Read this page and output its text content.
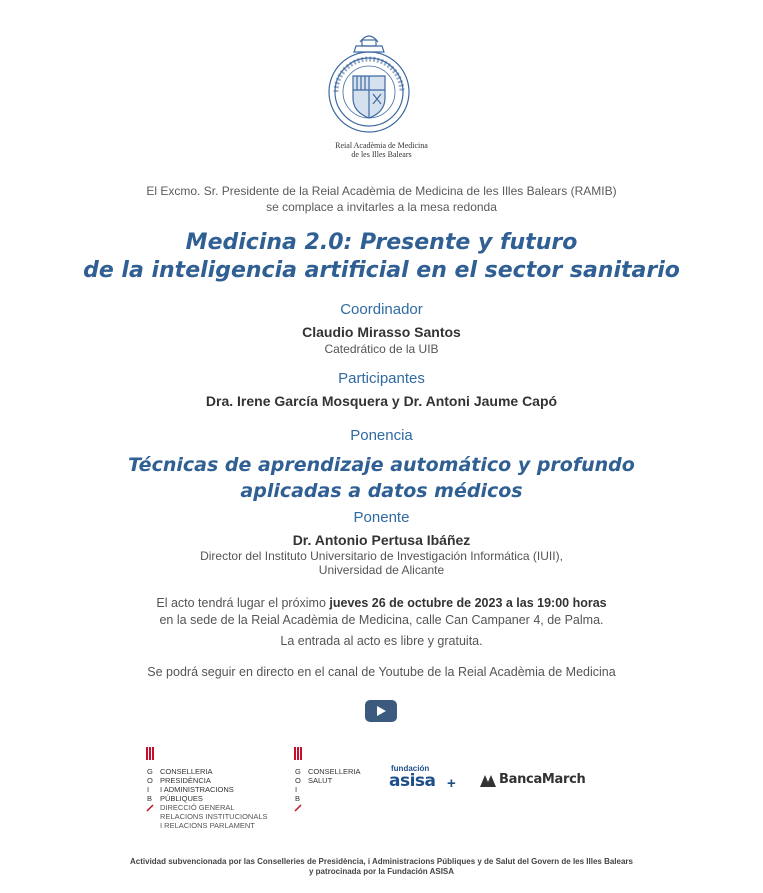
Reial Acadèmia de Medicina
de les Illes Balears
El Excmo. Sr. Presidente de la Reial Acadèmia de Medicina de les Illes Balears (RAMIB)
se complace a invitarles a la mesa redonda
Medicina 2.0: Presente y futuro
de la inteligencia artificial en el sector sanitario
Coordinador
Claudio Mirasso Santos
Catedrático de la UIB
Participantes
Dra. Irene García Mosquera y Dr. Antoni Jaume Capó
Ponencia
Técnicas de aprendizaje automático y profundo
aplicadas a datos médicos
Ponente
Dr. Antonio Pertusa Ibáñez
Director del Instituto Universitario de Investigación Informática (IUII),
Universidad de Alicante
El acto tendrá lugar el próximo jueves 26 de octubre de 2023 a las 19:00 horas
en la sede de la Reial Acadèmia de Medicina, calle Can Campaner 4, de Palma.
La entrada al acto es libre y gratuita.
Se podrá seguir en directo en el canal de Youtube de la Reial Acadèmia de Medicina
G
O
I
B
CONSELLERIA
PRESIDÈNCIA
I ADMINISTRACIONS
PÚBLIQUES
DIRECCIÓ GENERAL
RELACIONS INSTITUCIONALS
I RELACIONS PARLAMENT
G
O
I
B
CONSELLERIA
SALUT
fundación
asisa +	BancaMarch
Actividad subvencionada por las Conselleries de Presidència, i Administracions Públiques y de Salut del Govern de les Illes Balears
y patrocinada por la Fundación ASISA
